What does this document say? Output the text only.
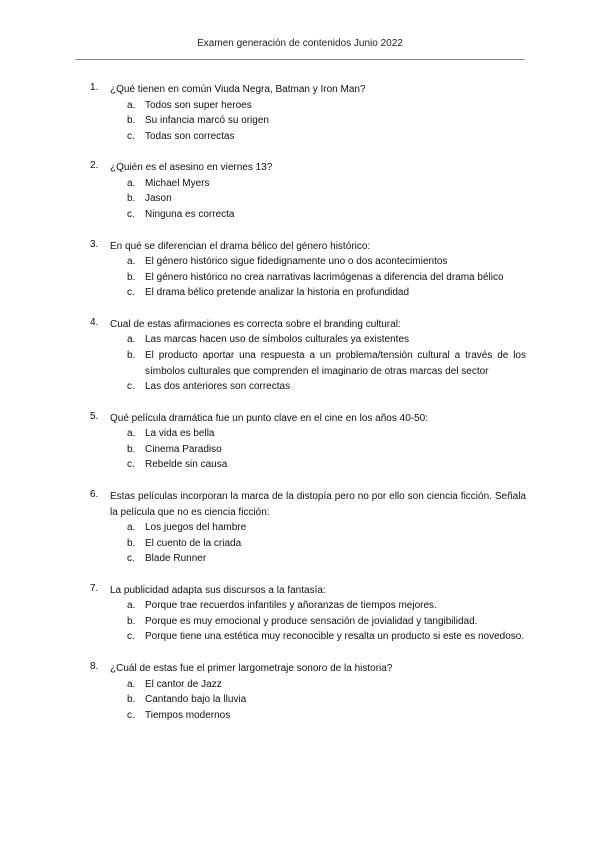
Examen generación de contenidos Junio 2022
1.	¿Qué tienen en común Viuda Negra, Batman y Iron Man?
a. Todos son super heroes
b. Su infancia marcó su origen
c.	Todas son correctas
2.	¿Quién es el asesino en viernes 13?
a. Michael Myers
b. Jason
c.	Ninguna es correcta
3.	En qué se diferencian el drama bélico del género histórico:
a. El género histórico sigue fidedignamente uno o dos acontecimientos
b. El género histórico no crea narrativas lacrimógenas a diferencia del drama bélico
c.	El drama bélico pretende analizar la historia en profundidad
4.	Cual de estas afirmaciones es correcta sobre el branding cultural:
a. Las marcas hacen uso de símbolos culturales ya existentes
b. El producto aportar una respuesta a un problema/tensión cultural a través de los símbolos culturales que comprenden el imaginario de otras marcas del sector
c.	Las dos anteriores son correctas
5.	Qué película dramática fue un punto clave en el cine en los años 40-50:
a. La vida es bella
b. Cinema Paradiso
c.	Rebelde sin causa
6.	Estas películas incorporan la marca de la distopía pero no por ello son ciencia ficción. Señala la película que no es ciencia ficción:
a. Los juegos del hambre
b. El cuento de la criada
c.	Blade Runner
7.	La publicidad adapta sus discursos a la fantasía:
a. Porque trae recuerdos infantiles y añoranzas de tiempos mejores.
b. Porque es muy emocional y produce sensación de jovialidad y tangibilidad.
c.	Porque tiene una estética muy reconocible y resalta un producto si este es novedoso.
8.	¿Cuál de estas fue el primer largometraje sonoro de la historia?
a. El cantor de Jazz
b. Cantando bajo la lluvia
c.	Tiempos modernos
